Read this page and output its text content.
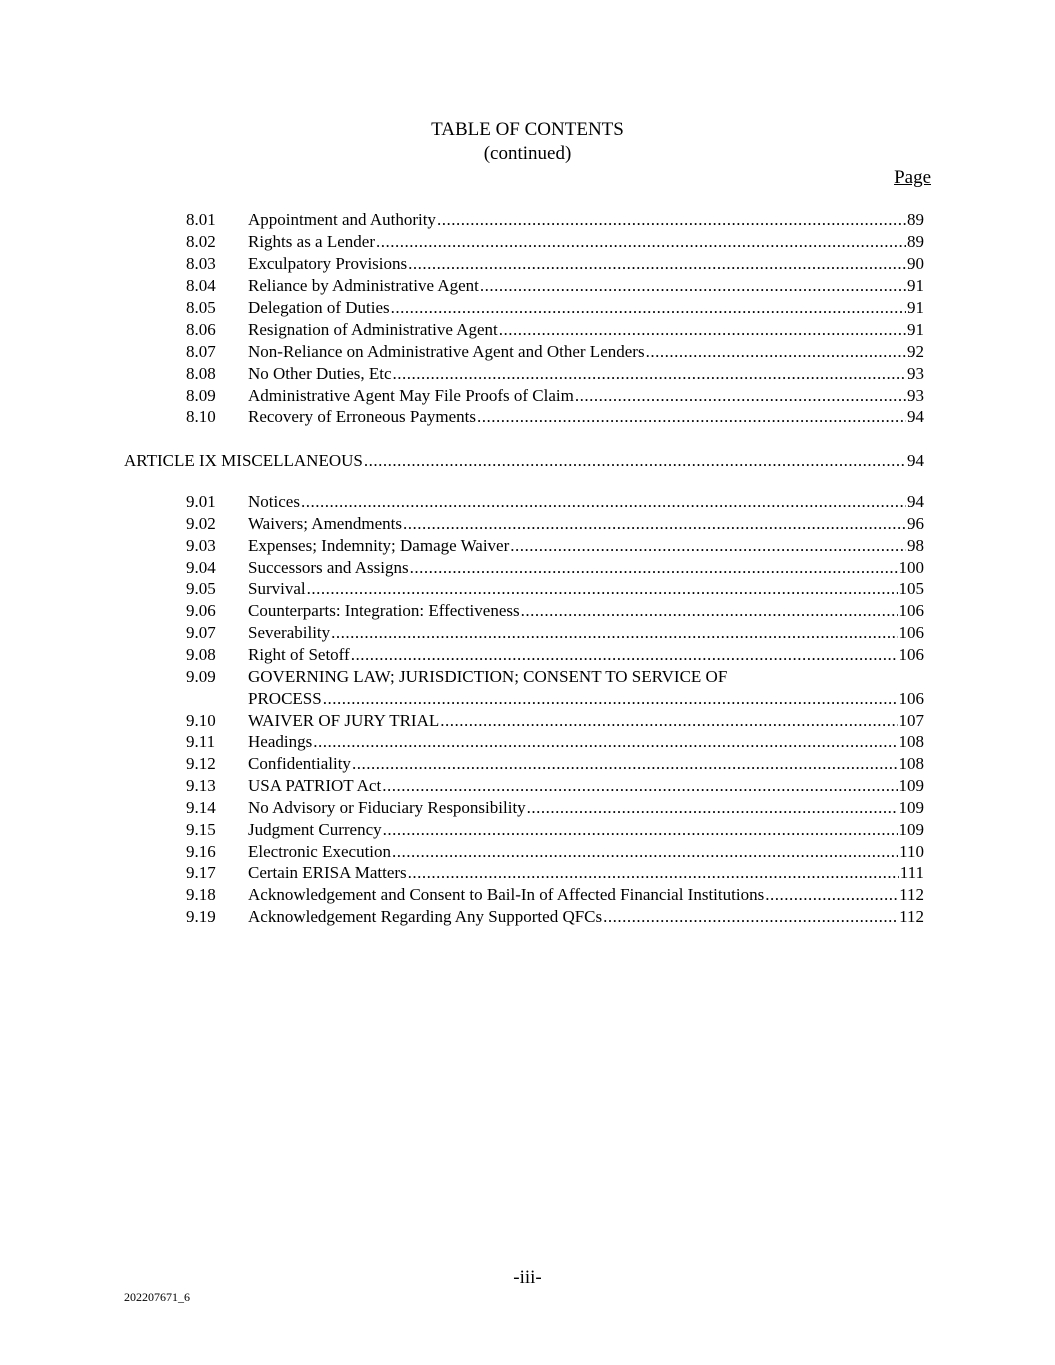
TABLE OF CONTENTS
(continued)
Page
8.01	Appointment and Authority .....	89
8.02	Rights as a Lender .....	89
8.03	Exculpatory Provisions .....	90
8.04	Reliance by Administrative Agent .....	91
8.05	Delegation of Duties .....	91
8.06	Resignation of Administrative Agent .....	91
8.07	Non-Reliance on Administrative Agent and Other Lenders .....	92
8.08	No Other Duties, Etc .....	93
8.09	Administrative Agent May File Proofs of Claim .....	93
8.10	Recovery of Erroneous Payments .....	94
ARTICLE IX MISCELLANEOUS .....	94
9.01	Notices .....	94
9.02	Waivers; Amendments .....	96
9.03	Expenses; Indemnity; Damage Waiver .....	98
9.04	Successors and Assigns .....	100
9.05	Survival .....	105
9.06	Counterparts: Integration: Effectiveness .....	106
9.07	Severability .....	106
9.08	Right of Setoff .....	106
9.09	GOVERNING LAW; JURISDICTION; CONSENT TO SERVICE OF
PROCESS .....	106
9.10	WAIVER OF JURY TRIAL .....	107
9.11	Headings .....	108
9.12	Confidentiality .....	108
9.13	USA PATRIOT Act .....	109
9.14	No Advisory or Fiduciary Responsibility .....	109
9.15	Judgment Currency .....	109
9.16	Electronic Execution .....	110
9.17	Certain ERISA Matters .....	111
9.18	Acknowledgement and Consent to Bail-In of Affected Financial Institutions .....	112
9.19	Acknowledgement Regarding Any Supported QFCs .....	112
-iii-
202207671_6
